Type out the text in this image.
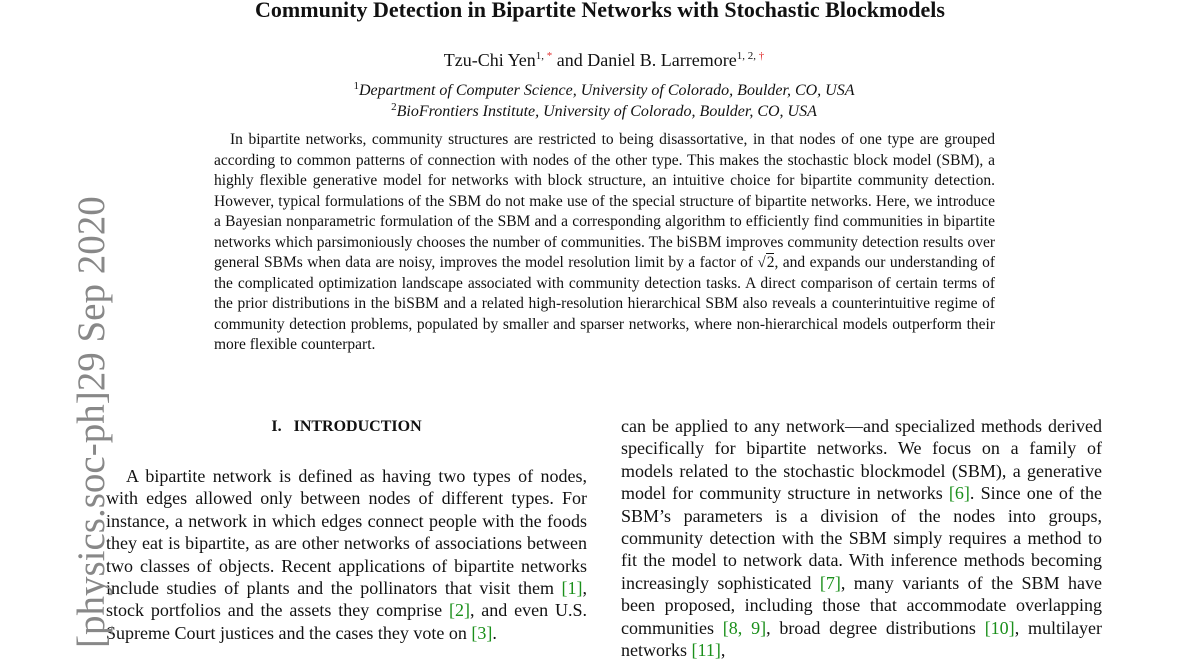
Community Detection in Bipartite Networks with Stochastic Blockmodels
Tzu-Chi Yen$^{1, *}$ and Daniel B. Larremore$^{1, 2, \dagger}$
$^1$Department of Computer Science, University of Colorado, Boulder, CO, USA
$^2$BioFrontiers Institute, University of Colorado, Boulder, CO, USA

In bipartite networks, community structures are restricted to being disassortative, in that nodes of one type are grouped according to common patterns of connection with nodes of the other type. This makes the stochastic block model (SBM), a highly flexible generative model for networks with block structure, an intuitive choice for bipartite community detection. However, typical formulations of the SBM do not make use of the special structure of bipartite networks. Here, we introduce a Bayesian nonparametric formulation of the SBM and a corresponding algorithm to efficiently find communities in bipartite networks which parsimoniously chooses the number of communities. The biSBM improves community detection results over general SBMs when data are noisy, improves the model resolution limit by a factor of √2, and expands our understanding of the complicated optimization landscape associated with community detection tasks. A direct comparison of certain terms of the prior distributions in the biSBM and a related high-resolution hierarchical SBM also reveals a counterintuitive regime of community detection problems, populated by smaller and sparser networks, where non-hierarchical models outperform their more flexible counterpart.

I.   INTRODUCTION

A bipartite network is defined as having two types of nodes, with edges allowed only between nodes of different types. For instance, a network in which edges connect people with the foods they eat is bipartite, as are other networks of associations between two classes of objects. Recent applications of bipartite networks include studies of plants and the pollinators that visit them [1], stock portfolios and the assets they comprise [2], and even U.S. Supreme Court justices and the cases they vote on [3].

can be applied to any network—and specialized methods derived specifically for bipartite networks. We focus on a family of models related to the stochastic blockmodel (SBM), a generative model for community structure in networks [6]. Since one of the SBM’s parameters is a division of the nodes into groups, community detection with the SBM simply requires a method to fit the model to network data. With inference methods becoming increasingly sophisticated [7], many variants of the SBM have been proposed, including those that accommodate overlapping communities [8, 9], broad degree distributions [10], multilayer networks [11],

[physics.soc-ph]
29 Sep 2020
